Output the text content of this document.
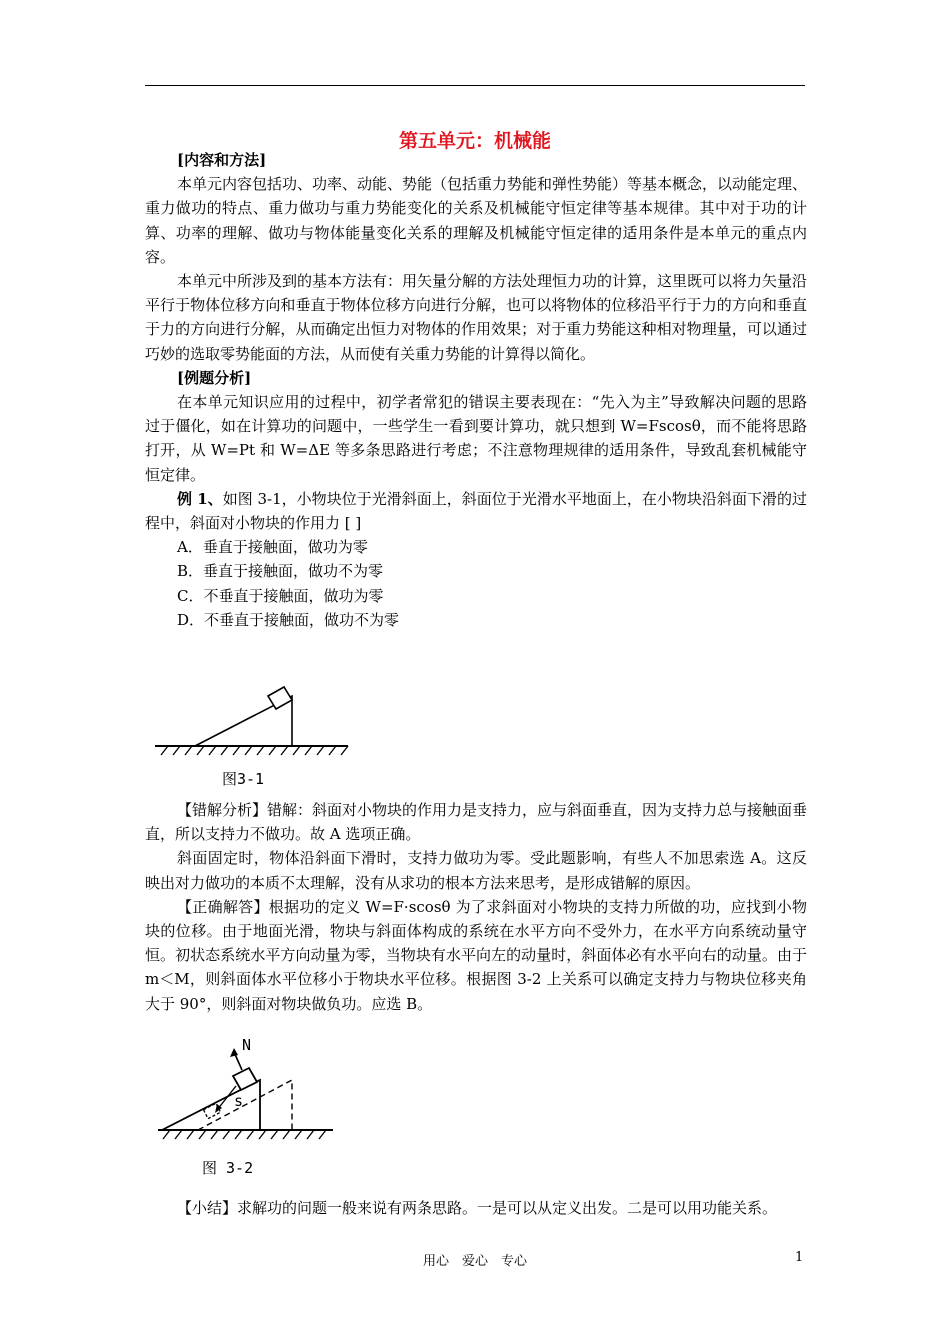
第五单元：机械能
[内容和方法]
本单元内容包括功、功率、动能、势能（包括重力势能和弹性势能）等基本概念，以动能定理、重力做功的特点、重力做功与重力势能变化的关系及机械能守恒定律等基本规律。其中对于功的计算、功率的理解、做功与物体能量变化关系的理解及机械能守恒定律的适用条件是本单元的重点内容。
本单元中所涉及到的基本方法有：用矢量分解的方法处理恒力功的计算，这里既可以将力矢量沿平行于物体位移方向和垂直于物体位移方向进行分解，也可以将物体的位移沿平行于力的方向和垂直于力的方向进行分解，从而确定出恒力对物体的作用效果；对于重力势能这种相对物理量，可以通过巧妙的选取零势能面的方法，从而使有关重力势能的计算得以简化。
[例题分析]
在本单元知识应用的过程中，初学者常犯的错误主要表现在：“先入为主”导致解决问题的思路过于僵化，如在计算功的问题中，一些学生一看到要计算功，就只想到 W=Fscosθ，而不能将思路打开，从 W=Pt 和 W=ΔE 等多条思路进行考虑；不注意物理规律的适用条件，导致乱套机械能守恒定律。
例 1、如图 3-1，小物块位于光滑斜面上，斜面位于光滑水平地面上，在小物块沿斜面下滑的过程中，斜面对小物块的作用力 [ ]
A．垂直于接触面，做功为零
B．垂直于接触面，做功不为零
C．不垂直于接触面，做功为零
D．不垂直于接触面，做功不为零
图3-1
【错解分析】错解：斜面对小物块的作用力是支持力，应与斜面垂直，因为支持力总与接触面垂直，所以支持力不做功。故 A 选项正确。
斜面固定时，物体沿斜面下滑时，支持力做功为零。受此题影响，有些人不加思索选 A。这反映出对力做功的本质不太理解，没有从求功的根本方法来思考，是形成错解的原因。
【正确解答】根据功的定义 W=F·scosθ 为了求斜面对小物块的支持力所做的功，应找到小物块的位移。由于地面光滑，物块与斜面体构成的系统在水平方向不受外力，在水平方向系统动量守恒。初状态系统水平方向动量为零，当物块有水平向左的动量时，斜面体必有水平向右的动量。由于 m＜M，则斜面体水平位移小于物块水平位移。根据图 3-2 上关系可以确定支持力与物块位移夹角大于 90°，则斜面对物块做负功。应选 B。
N
s
图 3-2
【小结】求解功的问题一般来说有两条思路。一是可以从定义出发。二是可以用功能关系。
用心　爱心　专心	1
